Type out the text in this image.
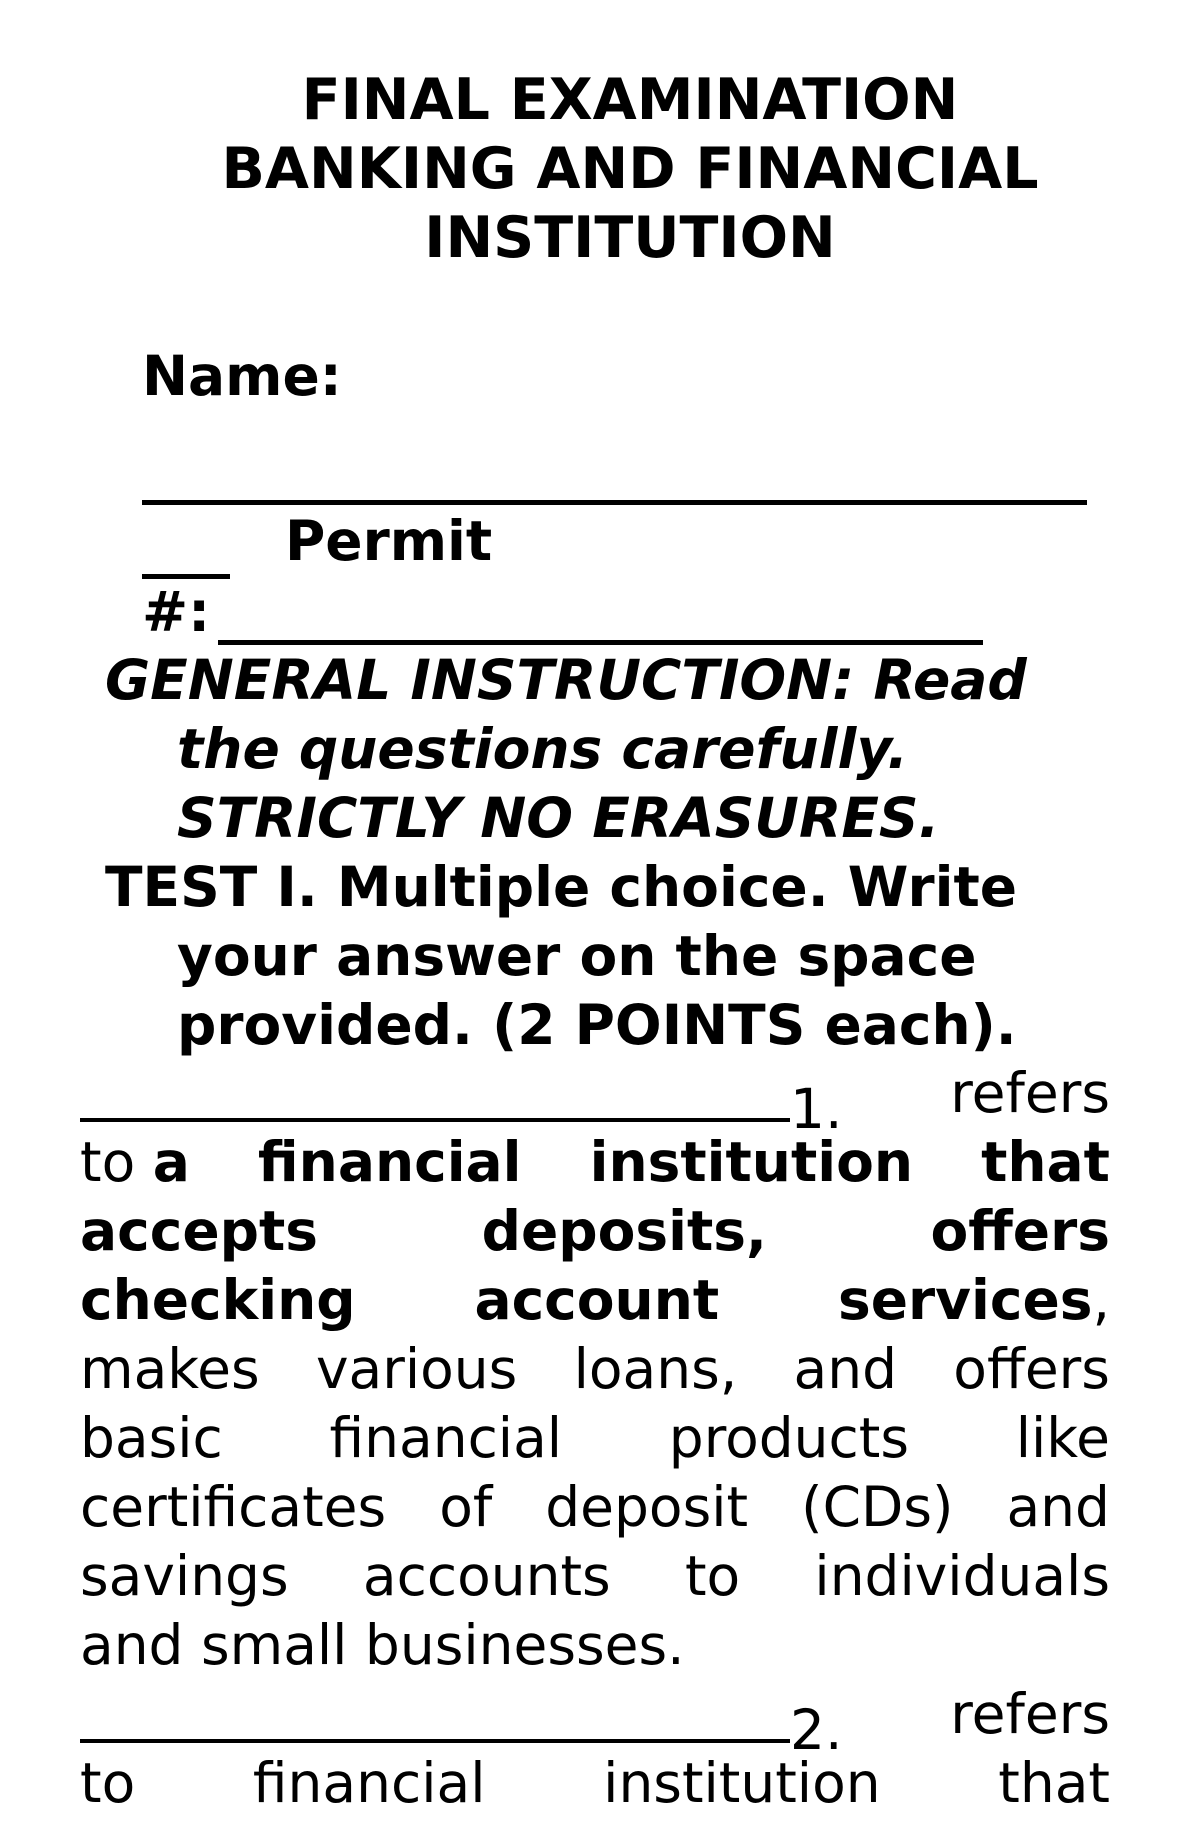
FINAL EXAMINATION
BANKING AND FINANCIAL
INSTITUTION
Name:
Permit
#:
GENERAL INSTRUCTION: Read
the questions carefully.
STRICTLY NO ERASURES.
TEST I. Multiple choice. Write
your answer on the space
provided. (2 POINTS each).
1. refers
to a financial institution that
accepts	deposits,	offers
checking account services,
makes various loans, and offers
basic financial products like
certificates of deposit (CDs) and
savings accounts to individuals
and small businesses.
2. refers
to financial institution that
